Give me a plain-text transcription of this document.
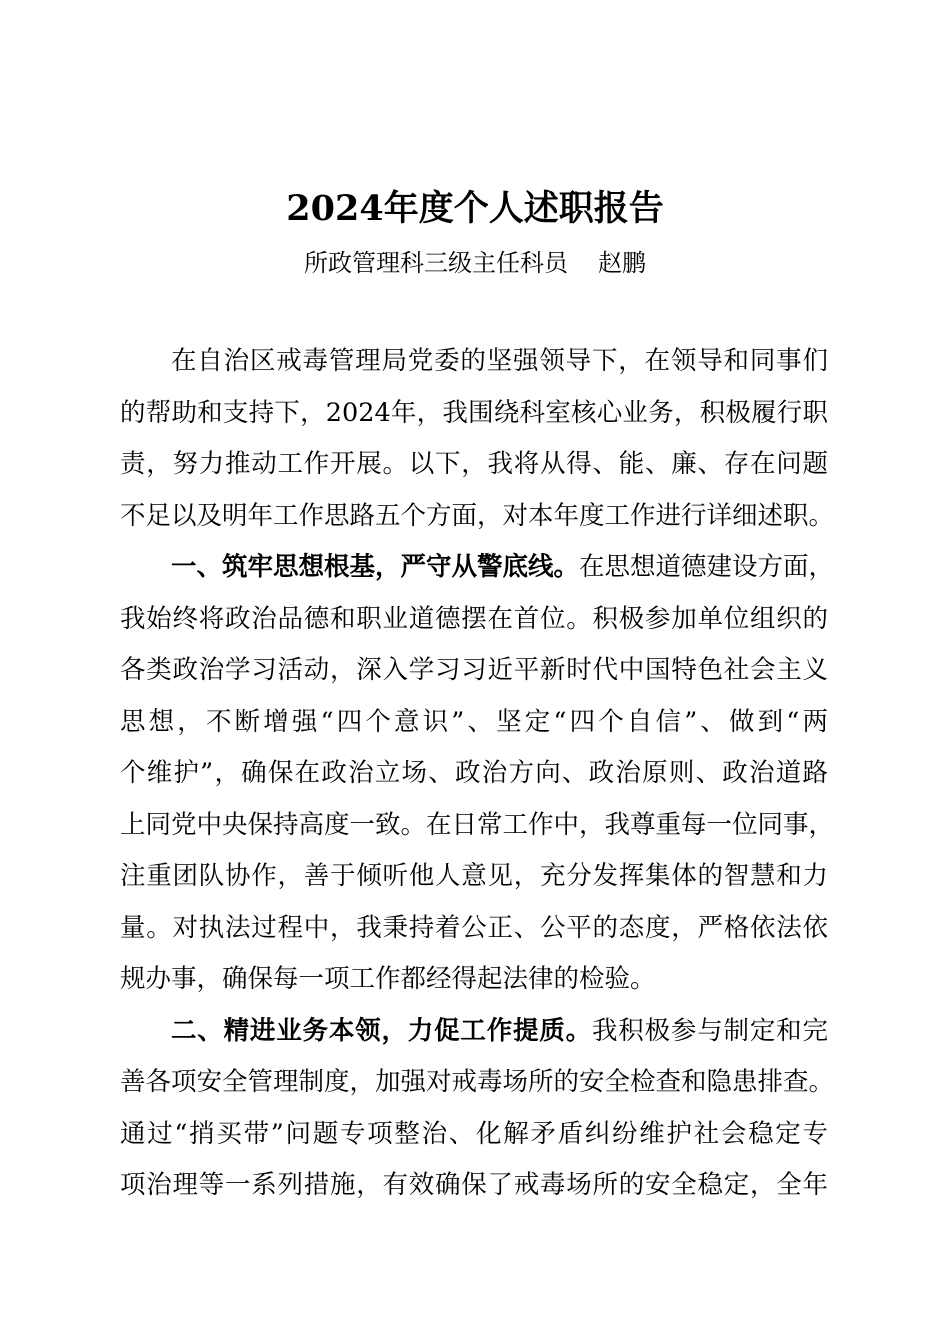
2024年度个人述职报告
所政管理科三级主任科员 赵鹏
在自治区戒毒管理局党委的坚强领导下，在领导和同事们
的帮助和支持下，2024年，我围绕科室核心业务，积极履行职
责，努力推动工作开展。以下，我将从得、能、廉、存在问题
不足以及明年工作思路五个方面，对本年度工作进行详细述职。
一、筑牢思想根基，严守从警底线。在思想道德建设方面，
我始终将政治品德和职业道德摆在首位。积极参加单位组织的
各类政治学习活动，深入学习习近平新时代中国特色社会主义
思想，不断增强“四个意识”、坚定“四个自信”、做到“两
个维护”，确保在政治立场、政治方向、政治原则、政治道路
上同党中央保持高度一致。在日常工作中，我尊重每一位同事，
注重团队协作，善于倾听他人意见，充分发挥集体的智慧和力
量。对执法过程中，我秉持着公正、公平的态度，严格依法依
规办事，确保每一项工作都经得起法律的检验。
二、精进业务本领，力促工作提质。我积极参与制定和完
善各项安全管理制度，加强对戒毒场所的安全检查和隐患排查。
通过“捎买带”问题专项整治、化解矛盾纠纷维护社会稳定专
项治理等一系列措施，有效确保了戒毒场所的安全稳定，全年
